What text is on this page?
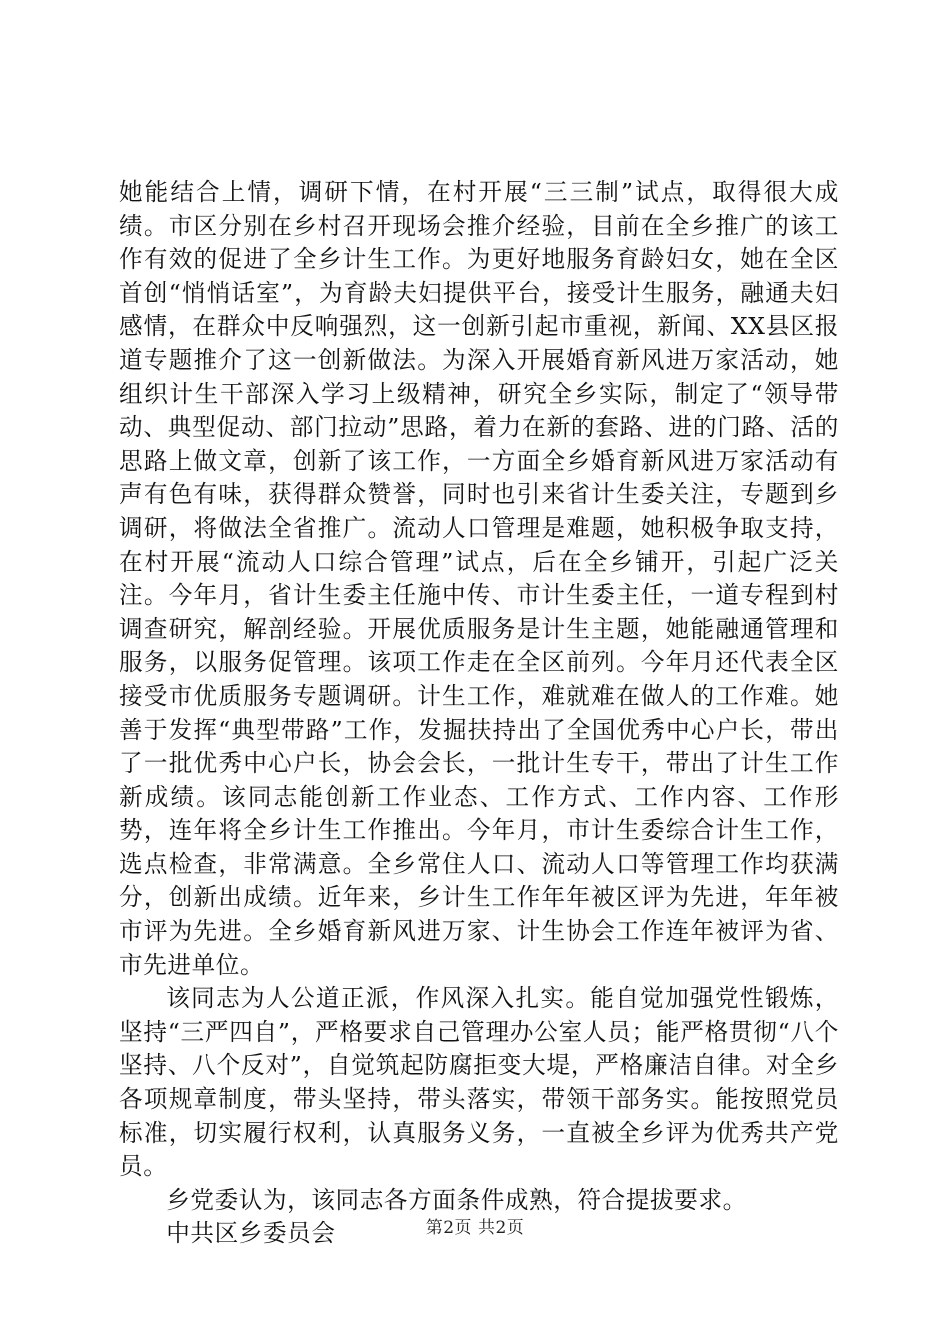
她能结合上情，调研下情，在村开展“三三制”试点，取得很大成绩。市区分别在乡村召开现场会推介经验，目前在全乡推广的该工作有效的促进了全乡计生工作。为更好地服务育龄妇女，她在全区首创“悄悄话室”，为育龄夫妇提供平台，接受计生服务，融通夫妇感情，在群众中反响强烈，这一创新引起市重视，新闻、XX县区报道专题推介了这一创新做法。为深入开展婚育新风进万家活动，她组织计生干部深入学习上级精神，研究全乡实际，制定了“领导带动、典型促动、部门拉动”思路，着力在新的套路、进的门路、活的思路上做文章，创新了该工作，一方面全乡婚育新风进万家活动有声有色有味，获得群众赞誉，同时也引来省计生委关注，专题到乡调研，将做法全省推广。流动人口管理是难题，她积极争取支持，在村开展“流动人口综合管理”试点，后在全乡铺开，引起广泛关注。今年月，省计生委主任施中传、市计生委主任，一道专程到村调查研究，解剖经验。开展优质服务是计生主题，她能融通管理和服务，以服务促管理。该项工作走在全区前列。今年月还代表全区接受市优质服务专题调研。计生工作，难就难在做人的工作难。她善于发挥“典型带路”工作，发掘扶持出了全国优秀中心户长，带出了一批优秀中心户长，协会会长，一批计生专干，带出了计生工作新成绩。该同志能创新工作业态、工作方式、工作内容、工作形势，连年将全乡计生工作推出。今年月，市计生委综合计生工作，选点检查，非常满意。全乡常住人口、流动人口等管理工作均获满分，创新出成绩。近年来，乡计生工作年年被区评为先进，年年被市评为先进。全乡婚育新风进万家、计生协会工作连年被评为省、市先进单位。

该同志为人公道正派，作风深入扎实。能自觉加强党性锻炼，坚持“三严四自”，严格要求自己管理办公室人员；能严格贯彻“八个坚持、八个反对”，自觉筑起防腐拒变大堤，严格廉洁自律。对全乡各项规章制度，带头坚持，带头落实，带领干部务实。能按照党员标准，切实履行权利，认真服务义务，一直被全乡评为优秀共产党员。

乡党委认为，该同志各方面条件成熟，符合提拔要求。

中共区乡委员会	第2页 共2页
